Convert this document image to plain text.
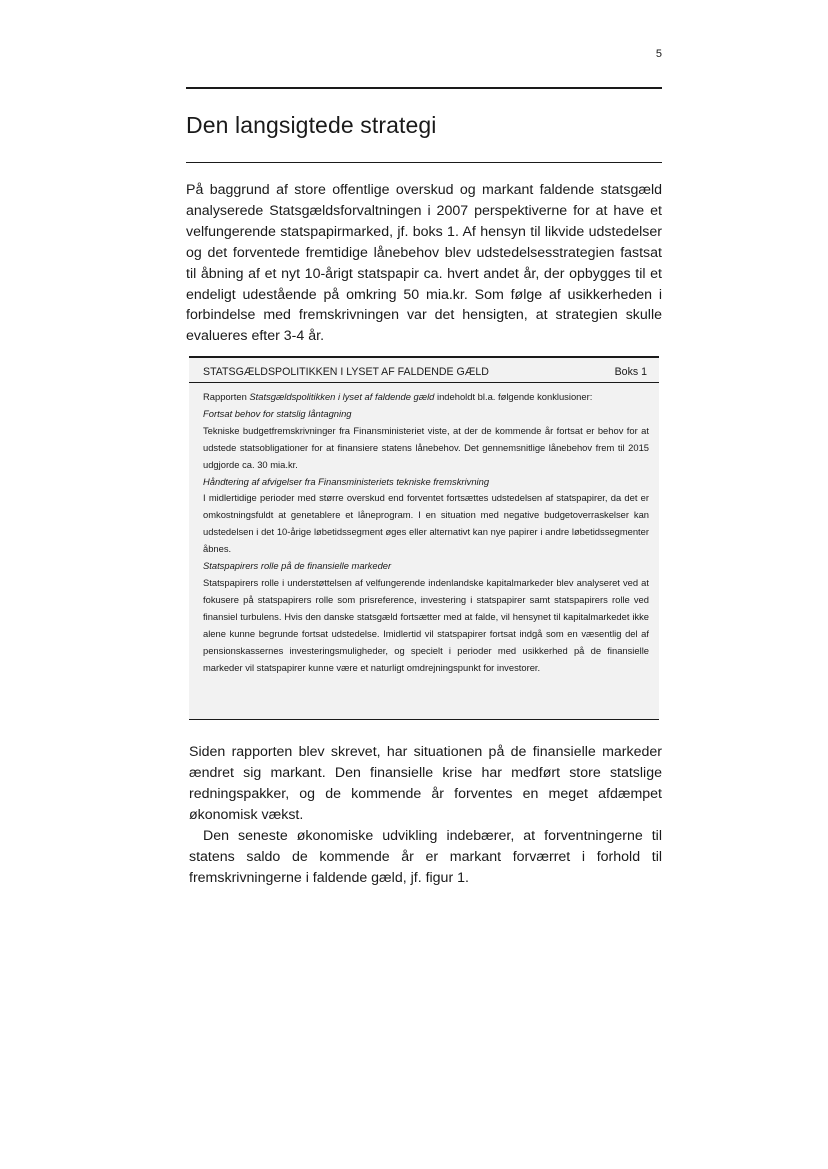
5
Den langsigtede strategi

På baggrund af store offentlige overskud og markant faldende statsgæld analyserede Statsgældsforvaltningen i 2007 perspektiverne for at have et velfungerende statspapirmarked, jf. boks 1. Af hensyn til likvide udstedelser og det forventede fremtidige lånebehov blev udstedelsesstrategien fastsat til åbning af et nyt 10-årigt statspapir ca. hvert andet år, der opbygges til et endeligt udestående på omkring 50 mia.kr. Som følge af usikkerheden i forbindelse med fremskrivningen var det hensigten, at strategien skulle evalueres efter 3-4 år.

STATSGÆLDSPOLITIKKEN I LYSET AF FALDENDE GÆLD	Boks 1

Rapporten Statsgældspolitikken i lyset af faldende gæld indeholdt bl.a. følgende konklusioner:

Fortsat behov for statslig låntagning

Tekniske budgetfremskrivninger fra Finansministeriet viste, at der de kommende år fortsat er behov for at udstede statsobligationer for at finansiere statens lånebehov. Det gennemsnitlige lånebehov frem til 2015 udgjorde ca. 30 mia.kr.

Håndtering af afvigelser fra Finansministeriets tekniske fremskrivning

I midlertidige perioder med større overskud end forventet fortsættes udstedelsen af statspapirer, da det er omkostningsfuldt at genetablere et låneprogram. I en situation med negative budgetoverraskelser kan udstedelsen i det 10-årige løbetidssegment øges eller alternativt kan nye papirer i andre løbetidssegmenter åbnes.

Statspapirers rolle på de finansielle markeder

Statspapirers rolle i understøttelsen af velfungerende indenlandske kapitalmarkeder blev analyseret ved at fokusere på statspapirers rolle som prisreference, investering i statspapirer samt statspapirers rolle ved finansiel turbulens. Hvis den danske statsgæld fortsætter med at falde, vil hensynet til kapitalmarkedet ikke alene kunne begrunde fortsat udstedelse. Imidlertid vil statspapirer fortsat indgå som en væsentlig del af pensionskassernes investeringsmuligheder, og specielt i perioder med usikkerhed på de finansielle markeder vil statspapirer kunne være et naturligt omdrejningspunkt for investorer.

Siden rapporten blev skrevet, har situationen på de finansielle markeder ændret sig markant. Den finansielle krise har medført store statslige redningspakker, og de kommende år forventes en meget afdæmpet økonomisk vækst.

Den seneste økonomiske udvikling indebærer, at forventningerne til statens saldo de kommende år er markant forværret i forhold til fremskrivningerne i faldende gæld, jf. figur 1.
